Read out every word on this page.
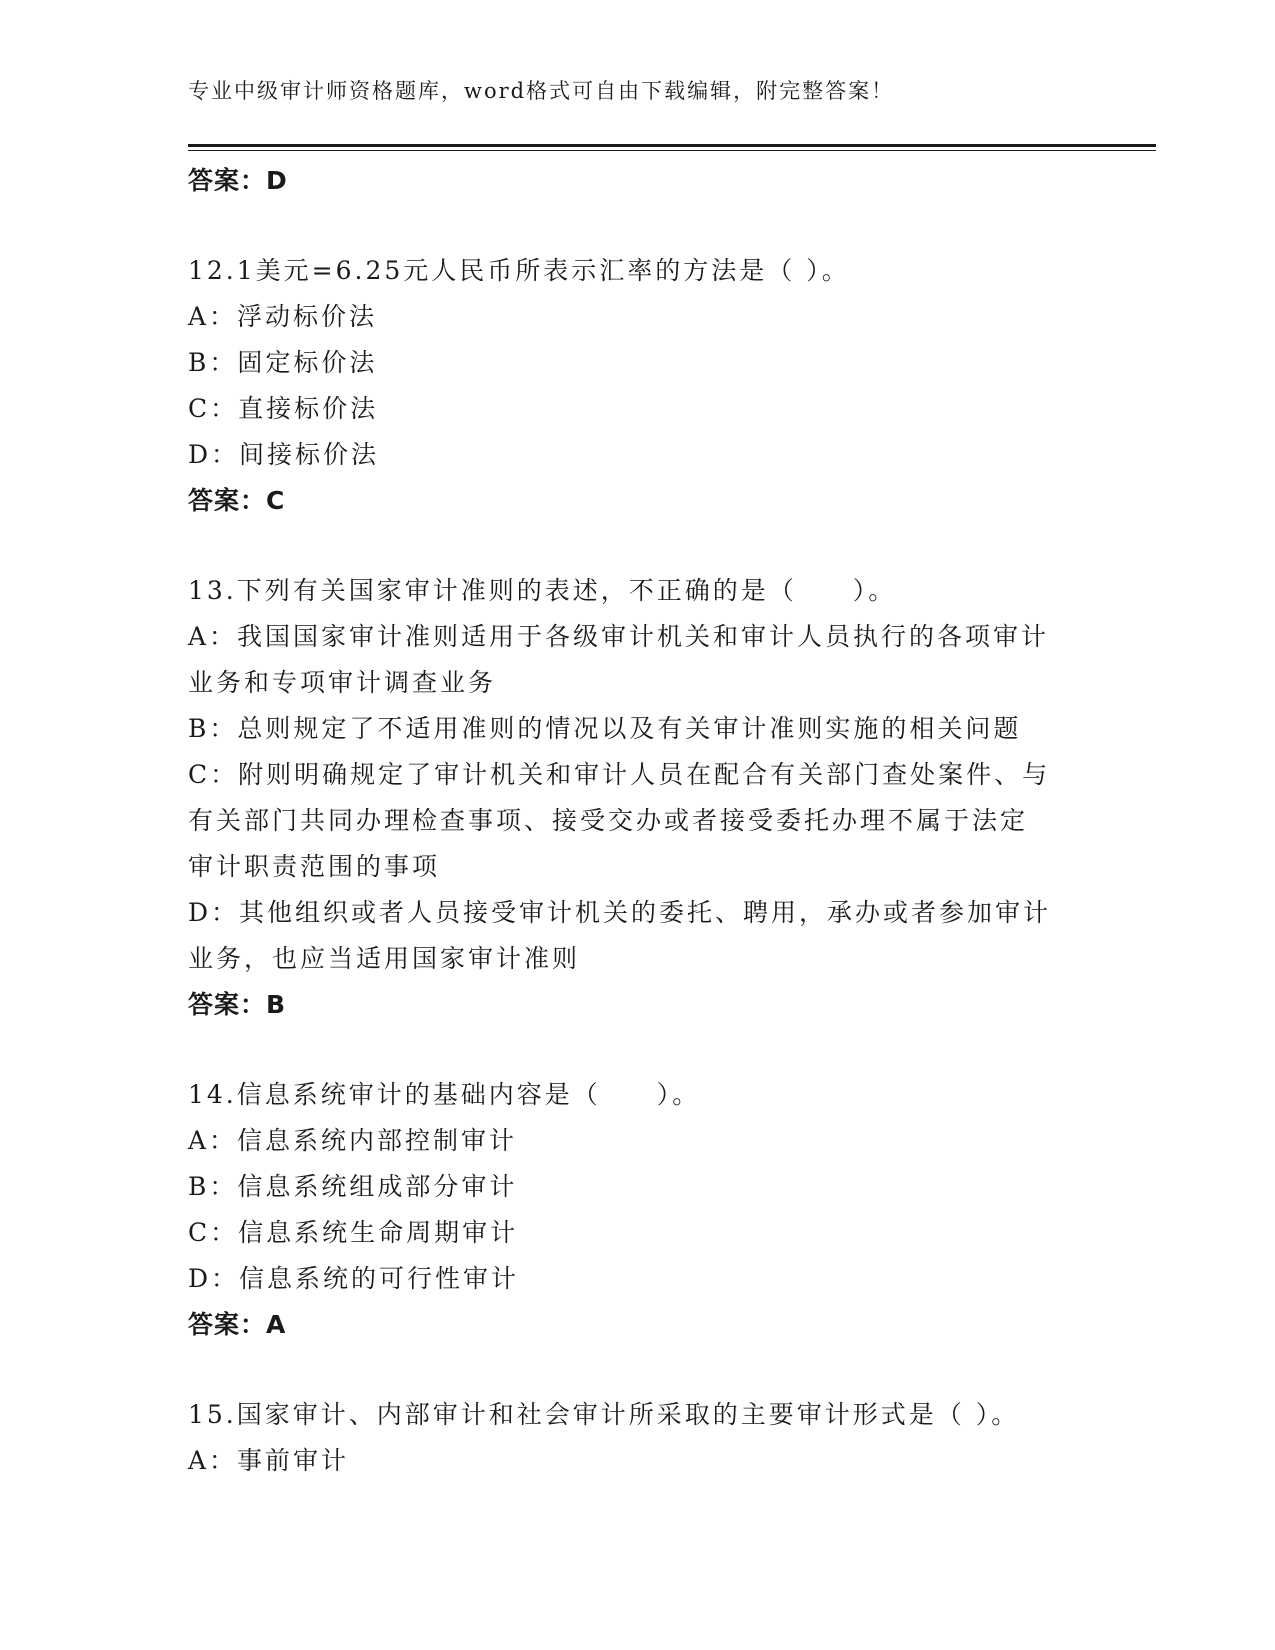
专业中级审计师资格题库，word格式可自由下载编辑，附完整答案！
答案：D
12.1美元=6.25元人民币所表示汇率的方法是（ ）。
A：浮动标价法
B：固定标价法
C：直接标价法
D：间接标价法
答案：C
13.下列有关国家审计准则的表述，不正确的是（　　）。
A：我国国家审计准则适用于各级审计机关和审计人员执行的各项审计
业务和专项审计调查业务
B：总则规定了不适用准则的情况以及有关审计准则实施的相关问题
C：附则明确规定了审计机关和审计人员在配合有关部门查处案件、与
有关部门共同办理检查事项、接受交办或者接受委托办理不属于法定
审计职责范围的事项
D：其他组织或者人员接受审计机关的委托、聘用，承办或者参加审计
业务，也应当适用国家审计准则
答案：B
14.信息系统审计的基础内容是（　　）。
A：信息系统内部控制审计
B：信息系统组成部分审计
C：信息系统生命周期审计
D：信息系统的可行性审计
答案：A
15.国家审计、内部审计和社会审计所采取的主要审计形式是（ ）。
A：事前审计
